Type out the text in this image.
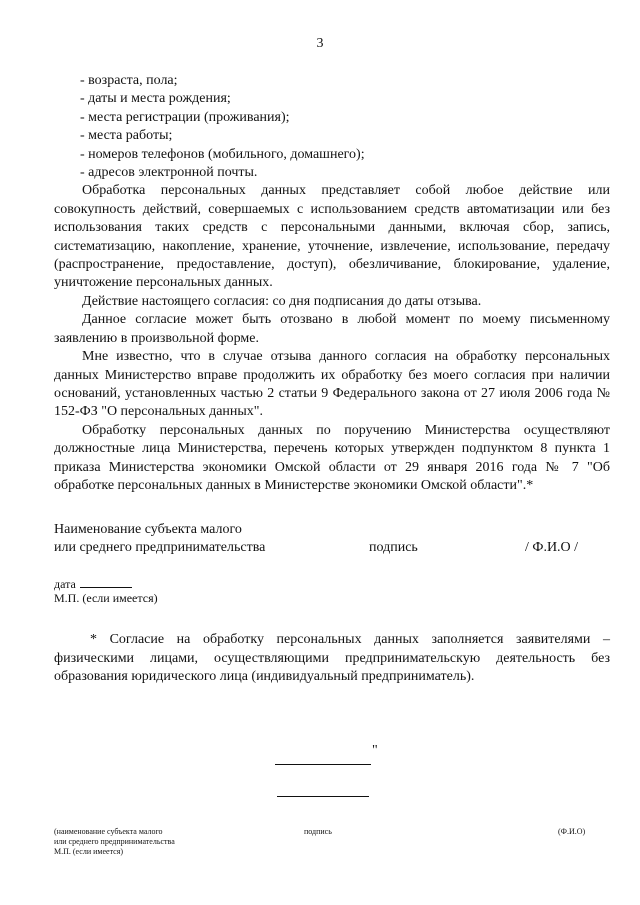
3
- возраста, пола;
- даты и места рождения;
- места регистрации (проживания);
- места работы;
- номеров телефонов (мобильного, домашнего);
- адресов электронной почты.
Обработка персональных данных представляет собой любое действие или совокупность действий, совершаемых с использованием средств автоматизации или без использования таких средств с персональными данными, включая сбор, запись, систематизацию, накопление, хранение, уточнение, извлечение, использование, передачу (распространение, предоставление, доступ), обезличивание, блокирование, удаление, уничтожение персональных данных.
Действие настоящего согласия: со дня подписания до даты отзыва.
Данное согласие может быть отозвано в любой момент по моему письменному заявлению в произвольной форме.
Мне известно, что в случае отзыва данного согласия на обработку персональных данных Министерство вправе продолжить их обработку без моего согласия при наличии оснований, установленных частью 2 статьи 9 Федерального закона от 27 июля 2006 года № 152-ФЗ "О персональных данных".
Обработку персональных данных по поручению Министерства осуществляют должностные лица Министерства, перечень которых утвержден подпунктом 8 пункта 1 приказа Министерства экономики Омской области от 29 января 2016 года № 7 "Об обработке персональных данных в Министерстве экономики Омской области".*
Наименование субъекта малого
или среднего предпринимательства	подпись	/ Ф.И.О /
дата
М.П. (если имеется)
* Согласие на обработку персональных данных заполняется заявителями – физическими лицами, осуществляющими предпринимательскую деятельность без образования юридического лица (индивидуальный предприниматель).
"
(наименование субъекта малого
или среднего предпринимательства
М.П. (если имеется)
подпись	(Ф.И.О)
